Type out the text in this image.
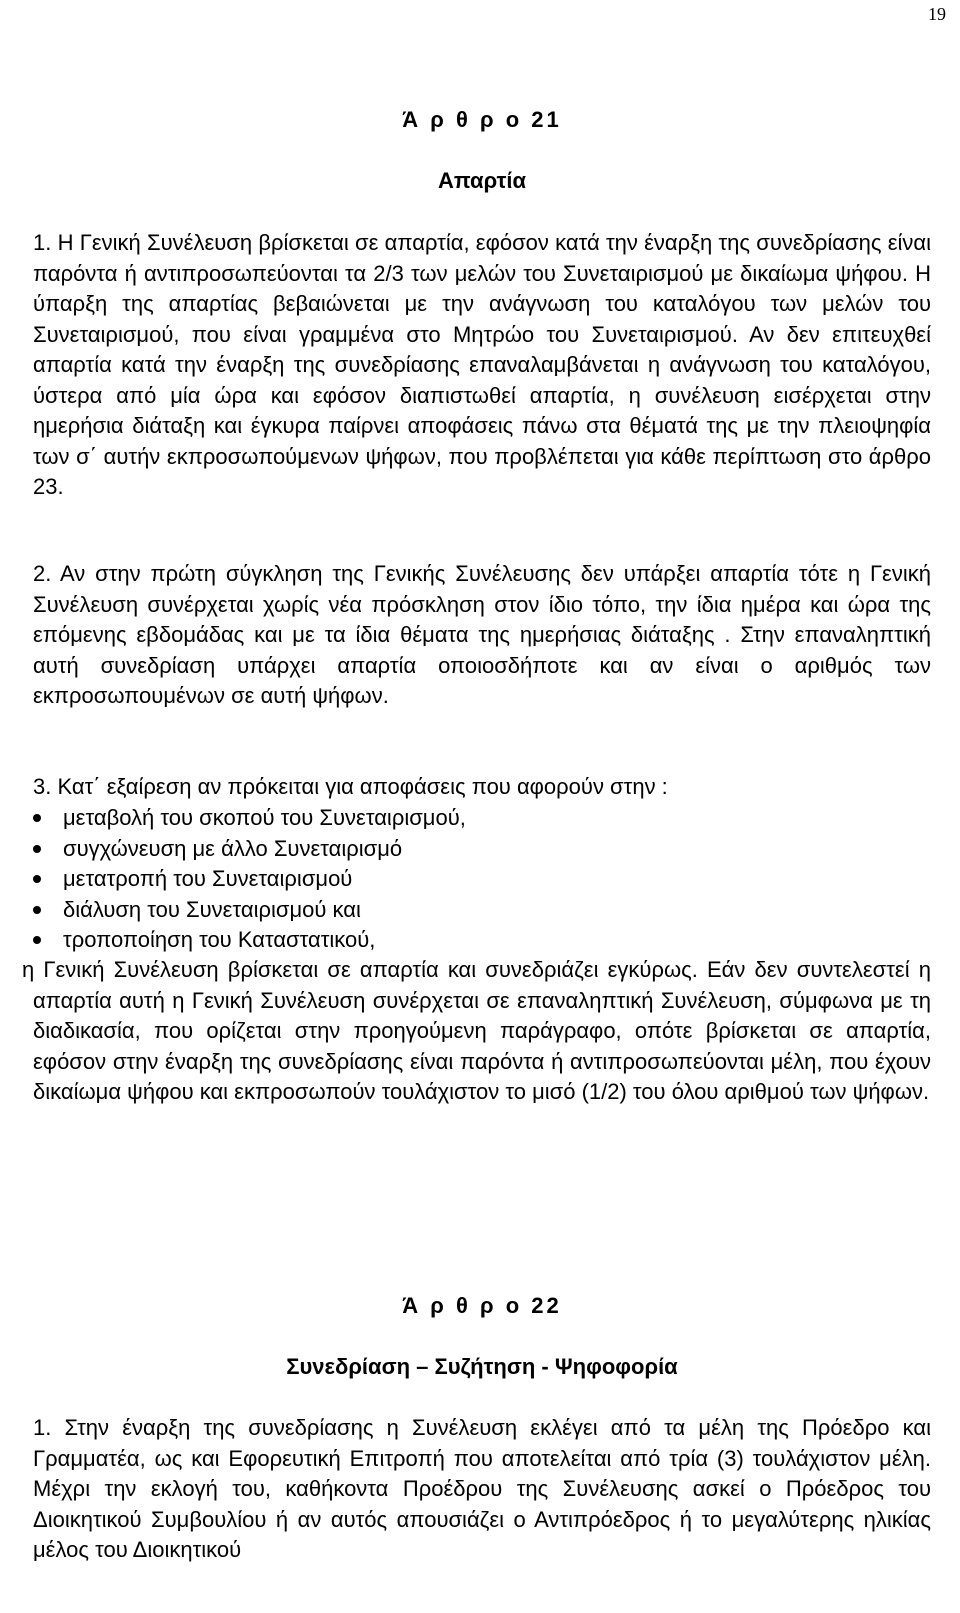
19

Ά ρ θ ρ ο 21

Απαρτία

1. Η Γενική Συνέλευση βρίσκεται σε απαρτία, εφόσον κατά την έναρξη της συνεδρίασης είναι παρόντα ή αντιπροσωπεύονται τα 2/3 των μελών του Συνεταιρισμού με δικαίωμα ψήφου. Η ύπαρξη της απαρτίας βεβαιώνεται με την ανάγνωση του καταλόγου των μελών του Συνεταιρισμού, που είναι γραμμένα στο Μητρώο του Συνεταιρισμού. Αν δεν επιτευχθεί απαρτία κατά την έναρξη της συνεδρίασης επαναλαμβάνεται η ανάγνωση του καταλόγου, ύστερα από μία ώρα και εφόσον διαπιστωθεί απαρτία, η συνέλευση εισέρχεται στην ημερήσια διάταξη και έγκυρα παίρνει αποφάσεις πάνω στα θέματά της με την πλειοψηφία των σ΄ αυτήν εκπροσωπούμενων ψήφων, που προβλέπεται για κάθε περίπτωση στο άρθρο 23.

2. Αν στην πρώτη σύγκληση της Γενικής Συνέλευσης δεν υπάρξει απαρτία τότε η Γενική Συνέλευση συνέρχεται χωρίς νέα πρόσκληση στον ίδιο τόπο, την ίδια ημέρα και ώρα της επόμενης εβδομάδας και με τα ίδια θέματα της ημερήσιας διάταξης . Στην επαναληπτική αυτή συνεδρίαση υπάρχει απαρτία οποιοσδήποτε και αν είναι ο αριθμός των εκπροσωπουμένων σε αυτή ψήφων.

3. Κατ΄ εξαίρεση αν πρόκειται για αποφάσεις που αφορούν στην :

μεταβολή του σκοπού του Συνεταιρισμού,
συγχώνευση με άλλο Συνεταιρισμό
μετατροπή του Συνεταιρισμού
διάλυση του Συνεταιρισμού και
τροποποίηση του Καταστατικού,

η Γενική Συνέλευση βρίσκεται σε απαρτία και συνεδριάζει εγκύρως. Εάν δεν συντελεστεί η απαρτία αυτή η Γενική Συνέλευση συνέρχεται σε επαναληπτική Συνέλευση, σύμφωνα με τη διαδικασία, που ορίζεται στην προηγούμενη παράγραφο, οπότε βρίσκεται σε απαρτία, εφόσον στην έναρξη της συνεδρίασης είναι παρόντα ή αντιπροσωπεύονται μέλη, που έχουν δικαίωμα ψήφου και εκπροσωπούν τουλάχιστον το μισό (1/2) του όλου αριθμού των ψήφων.

Ά ρ θ ρ ο 22

Συνεδρίαση – Συζήτηση - Ψηφοφορία

1. Στην έναρξη της συνεδρίασης η Συνέλευση εκλέγει από τα μέλη της Πρόεδρο και Γραμματέα, ως και Εφορευτική Επιτροπή που αποτελείται από τρία (3) τουλάχιστον μέλη. Μέχρι την εκλογή του, καθήκοντα Προέδρου της Συνέλευσης ασκεί ο Πρόεδρος του Διοικητικού Συμβουλίου ή αν αυτός απουσιάζει ο Αντιπρόεδρος ή το μεγαλύτερης ηλικίας μέλος του Διοικητικού
